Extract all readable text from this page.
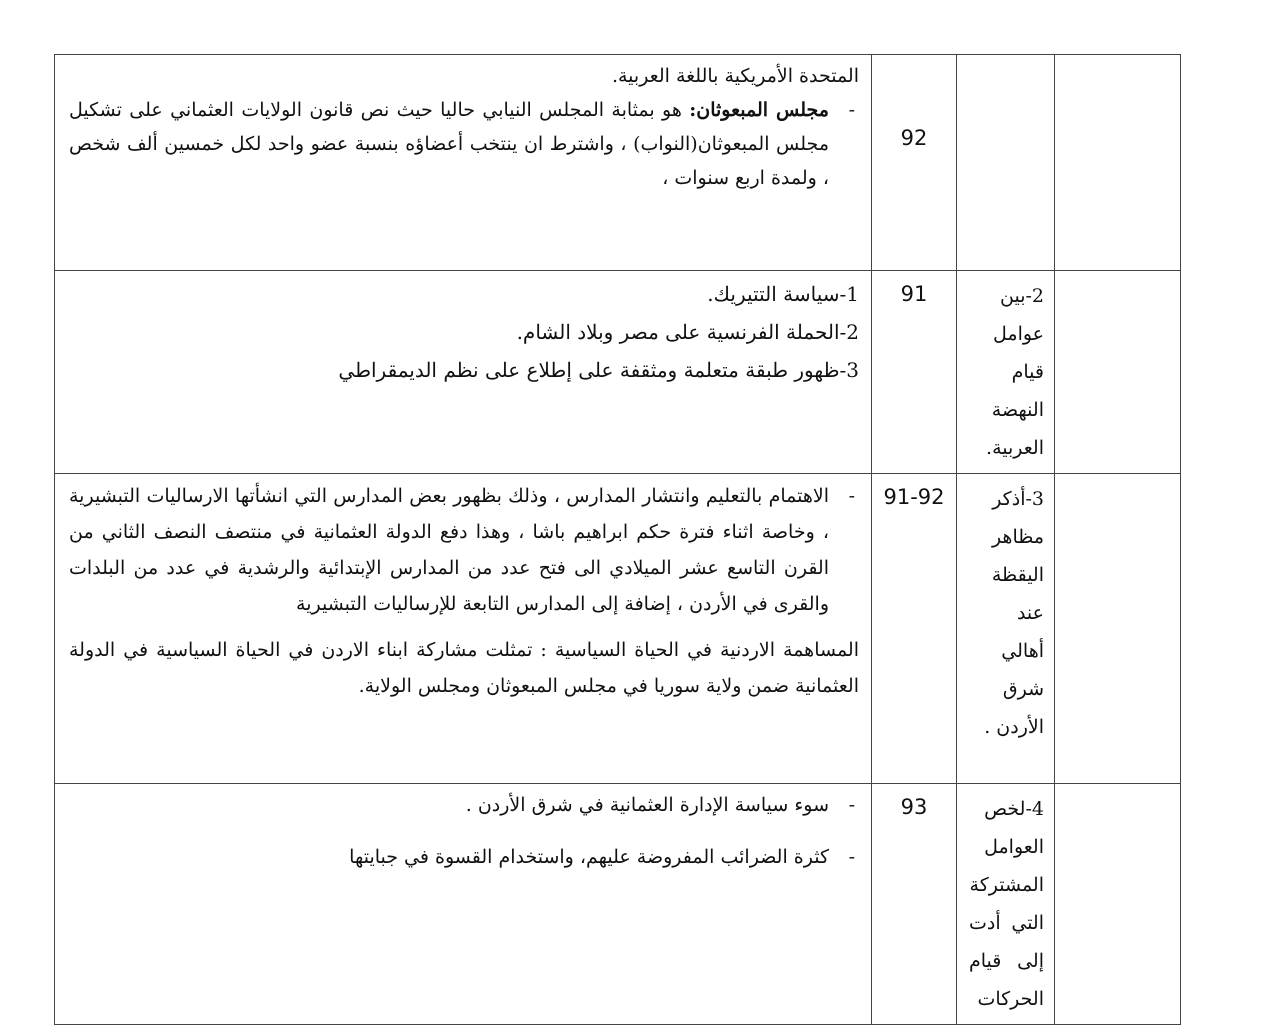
		92	المتحدة الأمريكية باللغة العربية.
-
مجلس المبعوثان: هو بمثابة المجلس النيابي حاليا حيث نص قانون الولايات العثماني على تشكيل مجلس المبعوثان(النواب) ، واشترط ان ينتخب أعضاؤه بنسبة عضو واحد لكل خمسين ألف شخص ، ولمدة اربع سنوات ،

	2-بين عوامل قيام النهضة العربية.	91	1-سياسة التتيريك.
2-الحملة الفرنسية على مصر وبلاد الشام.
3-ظهور طبقة متعلمة ومثقفة على إطلاع على نظم الديمقراطي

	3-أذكر مظاهر اليقظة عند أهالي شرق الأردن .	91-92	-
الاهتمام بالتعليم وانتشار المدارس ، وذلك بظهور بعض المدارس التي انشأتها الارساليات التبشيرية ، وخاصة اثناء فترة حكم ابراهيم باشا ، وهذا دفع الدولة العثمانية في منتصف النصف الثاني من القرن التاسع عشر الميلادي الى فتح عدد من المدارس الإبتدائية والرشدية في عدد من البلدات والقرى في الأردن ، إضافة إلى المدارس التابعة للإرساليات التبشيرية
المساهمة الاردنية في الحياة السياسية : تمثلت مشاركة ابناء الاردن في الحياة السياسية في الدولة العثمانية ضمن ولاية سوريا في مجلس المبعوثان ومجلس الولاية.

	4-لخص العوامل المشتركة التي أدت إلى قيام الحركات	93	-
سوء سياسة الإدارة العثمانية في شرق الأردن .
-
كثرة الضرائب المفروضة عليهم، واستخدام القسوة في جبايتها
